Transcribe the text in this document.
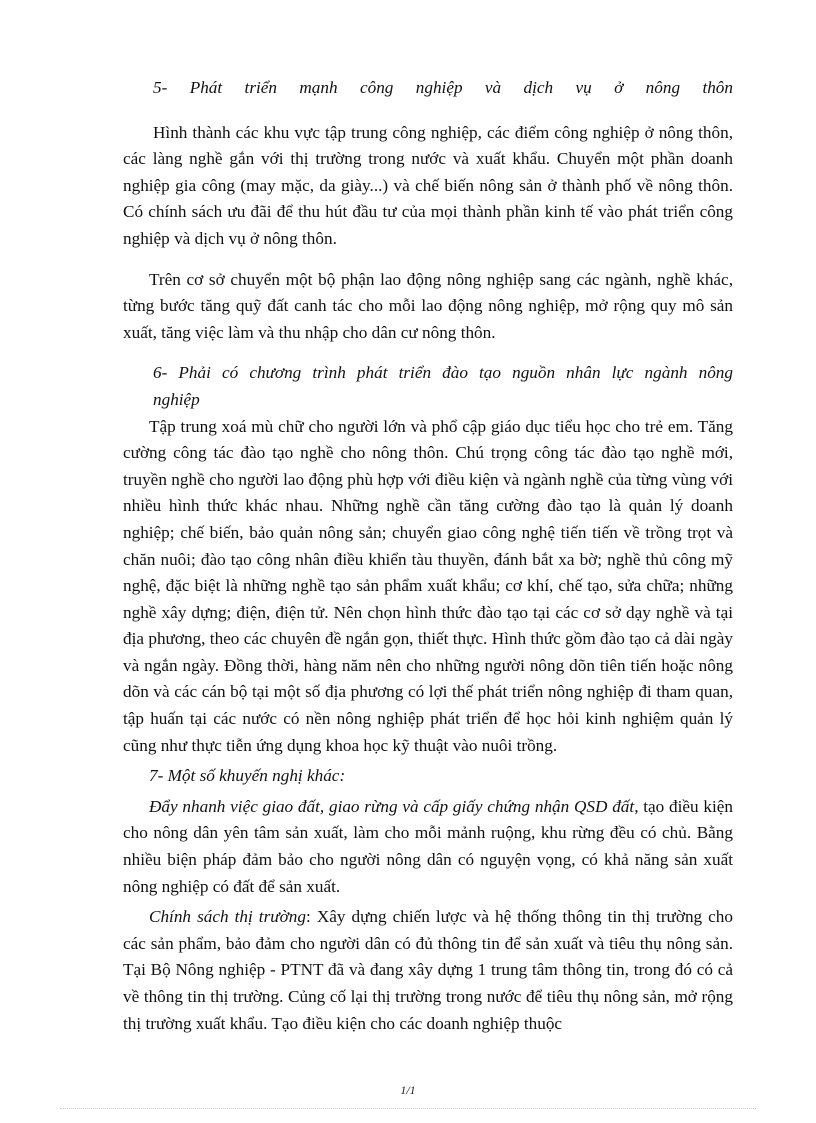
5- Phát triển mạnh công nghiệp và dịch vụ ở nông thôn

Hình thành các khu vực tập trung công nghiệp, các điểm công nghiệp ở nông thôn, các làng nghề gắn với thị trường trong nước và xuất khẩu. Chuyển một phần doanh nghiệp gia công (may mặc, da giày...) và chế biến nông sản ở thành phố về nông thôn. Có chính sách ưu đãi để thu hút đầu tư của mọi thành phần kinh tế vào phát triển công nghiệp và dịch vụ ở nông thôn.

Trên cơ sở chuyển một bộ phận lao động nông nghiệp sang các ngành, nghề khác, từng bước tăng quỹ đất canh tác cho mỗi lao động nông nghiệp, mở rộng quy mô sản xuất, tăng việc làm và thu nhập cho dân cư nông thôn.

6- Phải có chương trình phát triển đào tạo nguồn nhân lực ngành nông nghiệp

Tập trung xoá mù chữ cho người lớn và phổ cập giáo dục tiểu học cho trẻ em. Tăng cường công tác đào tạo nghề cho nông thôn. Chú trọng công tác đào tạo nghề mới, truyền nghề cho người lao động phù hợp với điều kiện và ngành nghề của từng vùng với nhiều hình thức khác nhau. Những nghề cần tăng cường đào tạo là quản lý doanh nghiệp; chế biến, bảo quản nông sản; chuyển giao công nghệ tiến tiến về trồng trọt và chăn nuôi; đào tạo công nhân điều khiển tàu thuyền, đánh bắt xa bờ; nghề thủ công mỹ nghệ, đặc biệt là những nghề tạo sản phẩm xuất khẩu; cơ khí, chế tạo, sửa chữa; những nghề xây dựng; điện, điện tử. Nên chọn hình thức đào tạo tại các cơ sở dạy nghề và tại địa phương, theo các chuyên đề ngắn gọn, thiết thực. Hình thức gồm đào tạo cả dài ngày và ngắn ngày. Đồng thời, hàng năm nên cho những người nông dõn tiên tiến hoặc nông dõn và các cán bộ tại một số địa phương có lợi thế phát triển nông nghiệp đi tham quan, tập huấn tại các nước có nền nông nghiệp phát triển để học hỏi kinh nghiệm quản lý cũng như thực tiễn ứng dụng khoa học kỹ thuật vào nuôi trồng.

7- Một số khuyến nghị khác:

Đẩy nhanh việc giao đất, giao rừng và cấp giấy chứng nhận QSD đất, tạo điều kiện cho nông dân yên tâm sản xuất, làm cho mỗi mảnh ruộng, khu rừng đều có chủ. Bằng nhiều biện pháp đảm bảo cho người nông dân có nguyện vọng, có khả năng sản xuất nông nghiệp có đất để sản xuất.

Chính sách thị trường: Xây dựng chiến lược và hệ thống thông tin thị trường cho các sản phẩm, bảo đảm cho người dân có đủ thông tin để sản xuất và tiêu thụ nông sản. Tại Bộ Nông nghiệp - PTNT đã và đang xây dựng 1 trung tâm thông tin, trong đó có cả về thông tin thị trường. Củng cố lại thị trường trong nước để tiêu thụ nông sản, mở rộng thị trường xuất khẩu. Tạo điều kiện cho các doanh nghiệp thuộc

1/1
